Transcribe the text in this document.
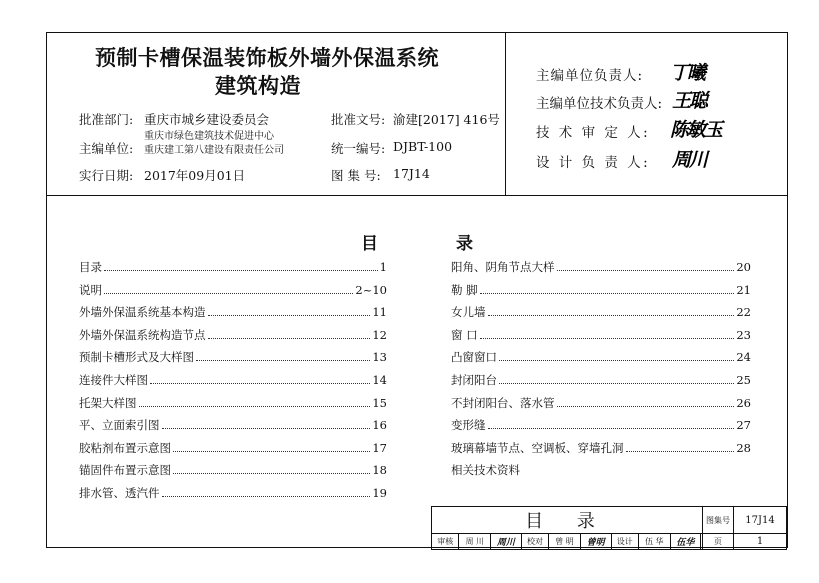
预制卡槽保温装饰板外墙外保温系统
建筑构造
批准部门: 重庆市城乡建设委员会	批准文号: 渝建[2017] 416号
主编单位:
重庆市绿色建筑技术促进中心
重庆建工第八建设有限责任公司	统一编号: DJBT-100
实行日期: 2017年09月01日	图 集 号: 17J14
主编单位负责人: 丁曦
主编单位技术负责人: 王聪
技 术 审 定 人: 陈敏玉
设 计 负 责 人: 周川
目	录
目录	1
说明	2~10
外墙外保温系统基本构造	11
外墙外保温系统构造节点	12
预制卡槽形式及大样图	13
连接件大样图	14
托架大样图	15
平、立面索引图	16
胶粘剂布置示意图	17
锚固件布置示意图	18
排水管、透汽件	19
阳角、阴角节点大样	20
勒 脚	21
女儿墙	22
窗 口	23
凸窗窗口	24
封闭阳台	25
不封闭阳台、落水管	26
变形缝	27
玻璃幕墙节点、空调板、穿墙孔洞	28
相关技术资料
目 录										图集号	17J14
审核	周 川	周川	校对	曾 明	曾明	设计	伍 华	伍华		页	1
